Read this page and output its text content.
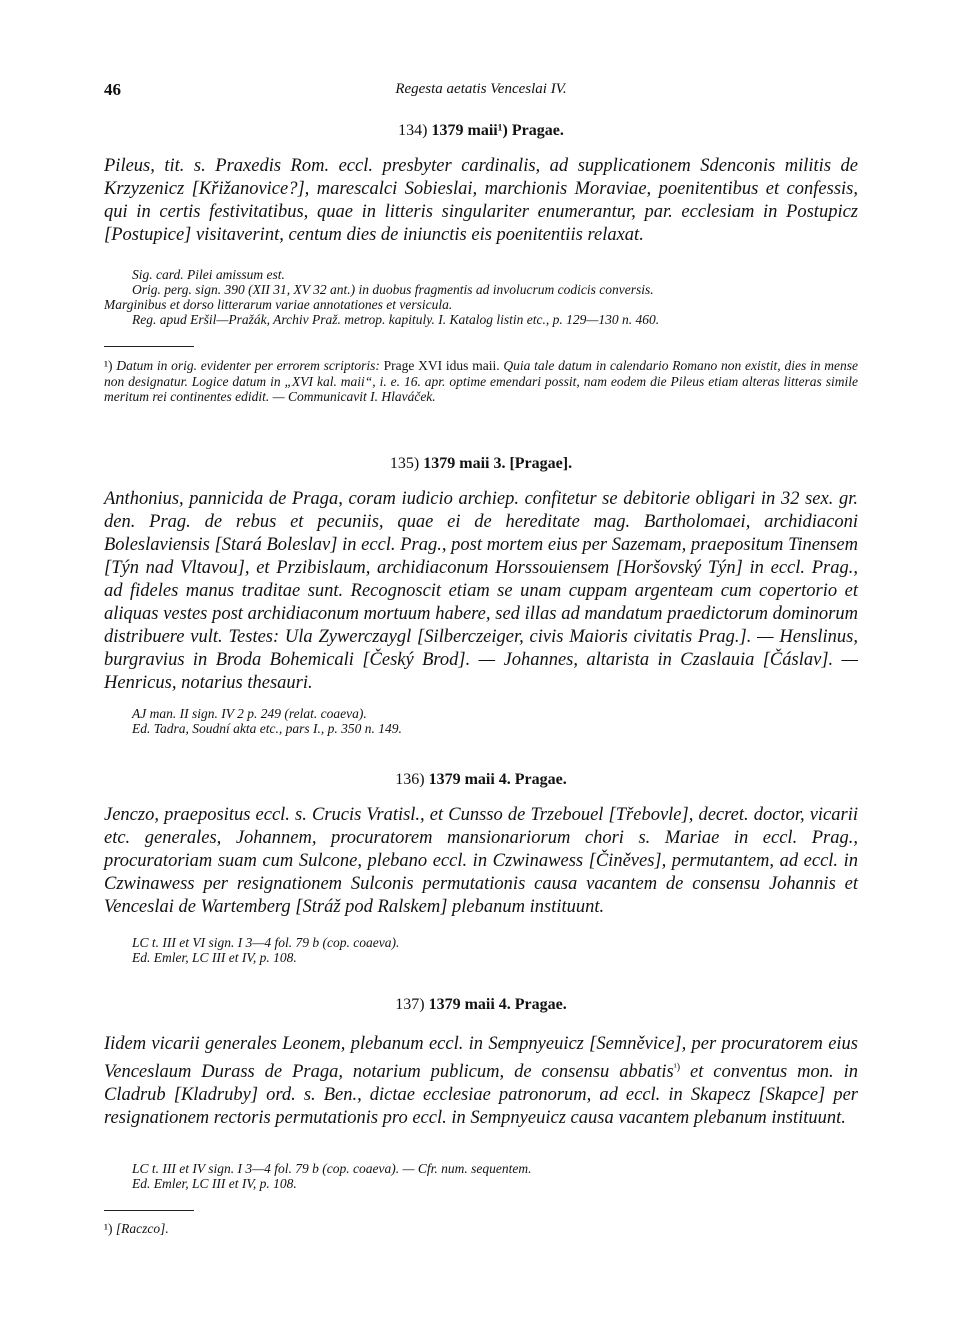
46	Regesta aetatis Venceslai IV.
134) 1379 maii¹) Pragae.
Pileus, tit. s. Praxedis Rom. eccl. presbyter cardinalis, ad supplicationem Sdenconis militis de Krzyzenicz [Křižanovice?], marescalci Sobieslai, marchionis Moraviae, poenitentibus et confessis, qui in certis festivitatibus, quae in litteris singulariter enumerantur, par. ecclesiam in Postupicz [Postupice] visitaverint, centum dies de iniunctis eis poenitentiis relaxat.
Sig. card. Pilei amissum est.
Orig. perg. sign. 390 (XII 31, XV 32 ant.) in duobus fragmentis ad involucrum codicis conversis.
Marginibus et dorso litterarum variae annotationes et versicula.
Reg. apud Eršil—Pražák, Archiv Praž. metrop. kapituly. I. Katalog listin etc., p. 129—130 n. 460.
¹) Datum in orig. evidenter per errorem scriptoris: Prage XVI idus maii. Quia tale datum in calendario Romano non existit, dies in mense non designatur. Logice datum in „XVI kal. maii“, i. e. 16. apr. optime emendari possit, nam eodem die Pileus etiam alteras litteras simile meritum rei continentes edidit. — Communicavit I. Hlaváček.
135) 1379 maii 3. [Pragae].
Anthonius, pannicida de Praga, coram iudicio archiep. confitetur se debitorie obligari in 32 sex. gr. den. Prag. de rebus et pecuniis, quae ei de hereditate mag. Bartholomaei, archidiaconi Boleslaviensis [Stará Boleslav] in eccl. Prag., post mortem eius per Sazemam, praepositum Tinensem [Týn nad Vltavou], et Przibislaum, archidiaconum Horssouiensem [Horšovský Týn] in eccl. Prag., ad fideles manus traditae sunt. Recognoscit etiam se unam cuppam argenteam cum copertorio et aliquas vestes post archidiaconum mortuum habere, sed illas ad mandatum praedictorum dominorum distribuere vult. Testes: Ula Zywerczaygl [Silberczeiger, civis Maioris civitatis Prag.]. — Henslinus, burgravius in Broda Bohemicali [Český Brod]. — Johannes, altarista in Czaslauia [Čáslav]. — Henricus, notarius thesauri.
AJ man. II sign. IV 2 p. 249 (relat. coaeva).
Ed. Tadra, Soudní akta etc., pars I., p. 350 n. 149.
136) 1379 maii 4. Pragae.
Jenczo, praepositus eccl. s. Crucis Vratisl., et Cunsso de Trzebouel [Třebovle], decret. doctor, vicarii etc. generales, Johannem, procuratorem mansionariorum chori s. Mariae in eccl. Prag., procuratoriam suam cum Sulcone, plebano eccl. in Czwinawess [Činěves], permutantem, ad eccl. in Czwinawess per resignationem Sulconis permutationis causa vacantem de consensu Johannis et Venceslai de Wartemberg [Stráž pod Ralskem] plebanum instituunt.
LC t. III et VI sign. I 3—4 fol. 79 b (cop. coaeva).
Ed. Emler, LC III et IV, p. 108.
137) 1379 maii 4. Pragae.
Iidem vicarii generales Leonem, plebanum eccl. in Sempnyeuicz [Semněvice], per procuratorem eius Venceslaum Durass de Praga, notarium publicum, de consensu abbatis$^{^1)}$ et conventus mon. in Cladrub [Kladruby] ord. s. Ben., dictae ecclesiae patronorum, ad eccl. in Skapecz [Skapce] per resignationem rectoris permutationis pro eccl. in Sempnyeuicz causa vacantem plebanum instituunt.
LC t. III et IV sign. I 3—4 fol. 79 b (cop. coaeva). — Cfr. num. sequentem.
Ed. Emler, LC III et IV, p. 108.
¹) [Raczco].
